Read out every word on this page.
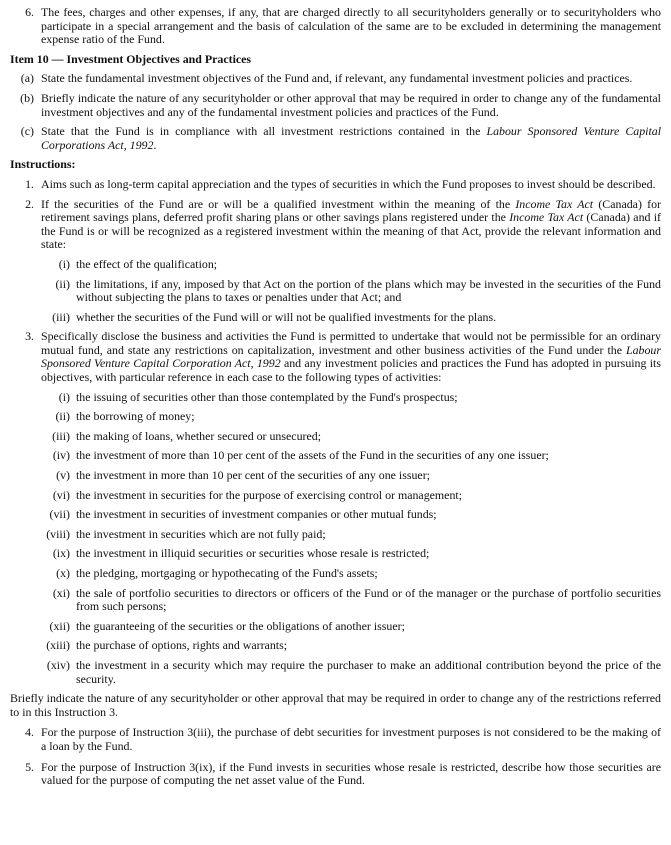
6. The fees, charges and other expenses, if any, that are charged directly to all securityholders generally or to securityholders who participate in a special arrangement and the basis of calculation of the same are to be excluded in determining the management expense ratio of the Fund.

Item 10 — Investment Objectives and Practices

(a) State the fundamental investment objectives of the Fund and, if relevant, any fundamental investment policies and practices.
(b) Briefly indicate the nature of any securityholder or other approval that may be required in order to change any of the fundamental investment objectives and any of the fundamental investment policies and practices of the Fund.
(c) State that the Fund is in compliance with all investment restrictions contained in the Labour Sponsored Venture Capital Corporations Act, 1992.

Instructions:

1. Aims such as long-term capital appreciation and the types of securities in which the Fund proposes to invest should be described.
2. If the securities of the Fund are or will be a qualified investment within the meaning of the Income Tax Act (Canada) for retirement savings plans, deferred profit sharing plans or other savings plans registered under the Income Tax Act (Canada) and if the Fund is or will be recognized as a registered investment within the meaning of that Act, provide the relevant information and state:
(i) the effect of the qualification;
(ii) the limitations, if any, imposed by that Act on the portion of the plans which may be invested in the securities of the Fund without subjecting the plans to taxes or penalties under that Act; and
(iii) whether the securities of the Fund will or will not be qualified investments for the plans.
3. Specifically disclose the business and activities the Fund is permitted to undertake that would not be permissible for an ordinary mutual fund, and state any restrictions on capitalization, investment and other business activities of the Fund under the Labour Sponsored Venture Capital Corporation Act, 1992 and any investment policies and practices the Fund has adopted in pursuing its objectives, with particular reference in each case to the following types of activities:
(i) the issuing of securities other than those contemplated by the Fund's prospectus;
(ii) the borrowing of money;
(iii) the making of loans, whether secured or unsecured;
(iv) the investment of more than 10 per cent of the assets of the Fund in the securities of any one issuer;
(v) the investment in more than 10 per cent of the securities of any one issuer;
(vi) the investment in securities for the purpose of exercising control or management;
(vii) the investment in securities of investment companies or other mutual funds;
(viii) the investment in securities which are not fully paid;
(ix) the investment in illiquid securities or securities whose resale is restricted;
(x) the pledging, mortgaging or hypothecating of the Fund's assets;
(xi) the sale of portfolio securities to directors or officers of the Fund or of the manager or the purchase of portfolio securities from such persons;
(xii) the guaranteeing of the securities or the obligations of another issuer;
(xiii) the purchase of options, rights and warrants;
(xiv) the investment in a security which may require the purchaser to make an additional contribution beyond the price of the security.

Briefly indicate the nature of any securityholder or other approval that may be required in order to change any of the restrictions referred to in this Instruction 3.

4. For the purpose of Instruction 3(iii), the purchase of debt securities for investment purposes is not considered to be the making of a loan by the Fund.
5. For the purpose of Instruction 3(ix), if the Fund invests in securities whose resale is restricted, describe how those securities are valued for the purpose of computing the net asset value of the Fund.
